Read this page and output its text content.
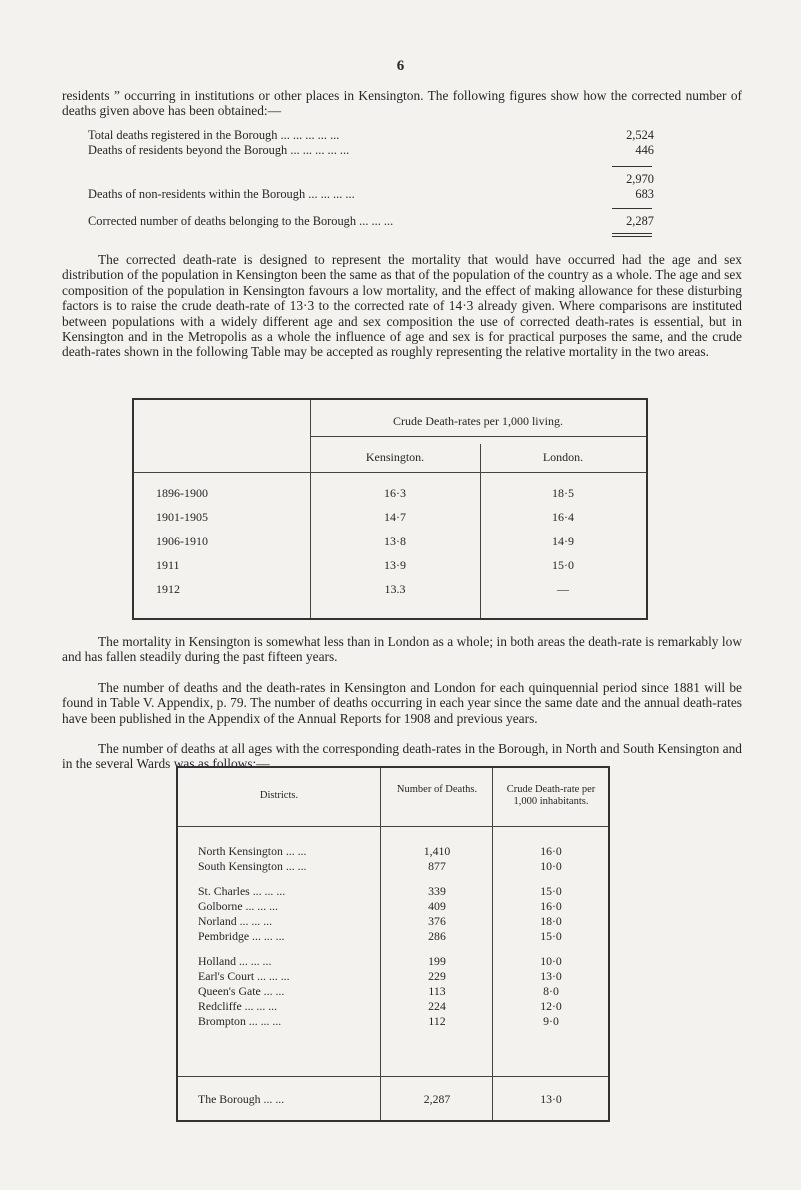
6
residents ” occurring in institutions or other places in Kensington. The following figures show how the corrected number of deaths given above has been obtained:—
Total deaths registered in the Borough ... ... ... ... ...	2,524
Deaths of residents beyond the Borough ... ... ... ... ...	446
2,970
Deaths of non-residents within the Borough ... ... ... ...	683
Corrected number of deaths belonging to the Borough ... ... ...	2,287
The corrected death-rate is designed to represent the mortality that would have occurred had the age and sex distribution of the population in Kensington been the same as that of the population of the country as a whole. The age and sex composition of the population in Kensington favours a low mortality, and the effect of making allowance for these disturbing factors is to raise the crude death-rate of 13·3 to the corrected rate of 14·3 already given. Where comparisons are instituted between populations with a widely different age and sex composition the use of corrected death-rates is essential, but in Kensington and in the Metropolis as a whole the influence of age and sex is for practical purposes the same, and the crude death-rates shown in the following Table may be accepted as roughly representing the relative mortality in the two areas.
Crude Death-rates per 1,000 living.
Kensington.	London.
1896-1900	16·3	18·5
1901-1905	14·7	16·4
1906-1910	13·8	14·9
1911	13·9	15·0
1912	13.3	—
The mortality in Kensington is somewhat less than in London as a whole; in both areas the death-rate is remarkably low and has fallen steadily during the past fifteen years.
The number of deaths and the death-rates in Kensington and London for each quinquennial period since 1881 will be found in Table V. Appendix, p. 79. The number of deaths occurring in each year since the same date and the annual death-rates have been published in the Appendix of the Annual Reports for 1908 and previous years.
The number of deaths at all ages with the corresponding death-rates in the Borough, in North and South Kensington and in the several Wards was as follows:—
Districts.
Number of Deaths.	Crude Death-rate per 1,000 inhabitants.
North Kensington ... ...	1,410	16·0
South Kensington ... ...	877	10·0
St. Charles ... ... ...	339	15·0
Golborne ... ... ...	409	16·0
Norland ... ... ...	376	18·0
Pembridge ... ... ...	286	15·0
Holland ... ... ...	199	10·0
Earl's Court ... ... ...	229	13·0
Queen's Gate ... ...	113	8·0
Redcliffe ... ... ...	224	12·0
Brompton ... ... ...	112	9·0
The Borough ... ...	2,287	13·0
